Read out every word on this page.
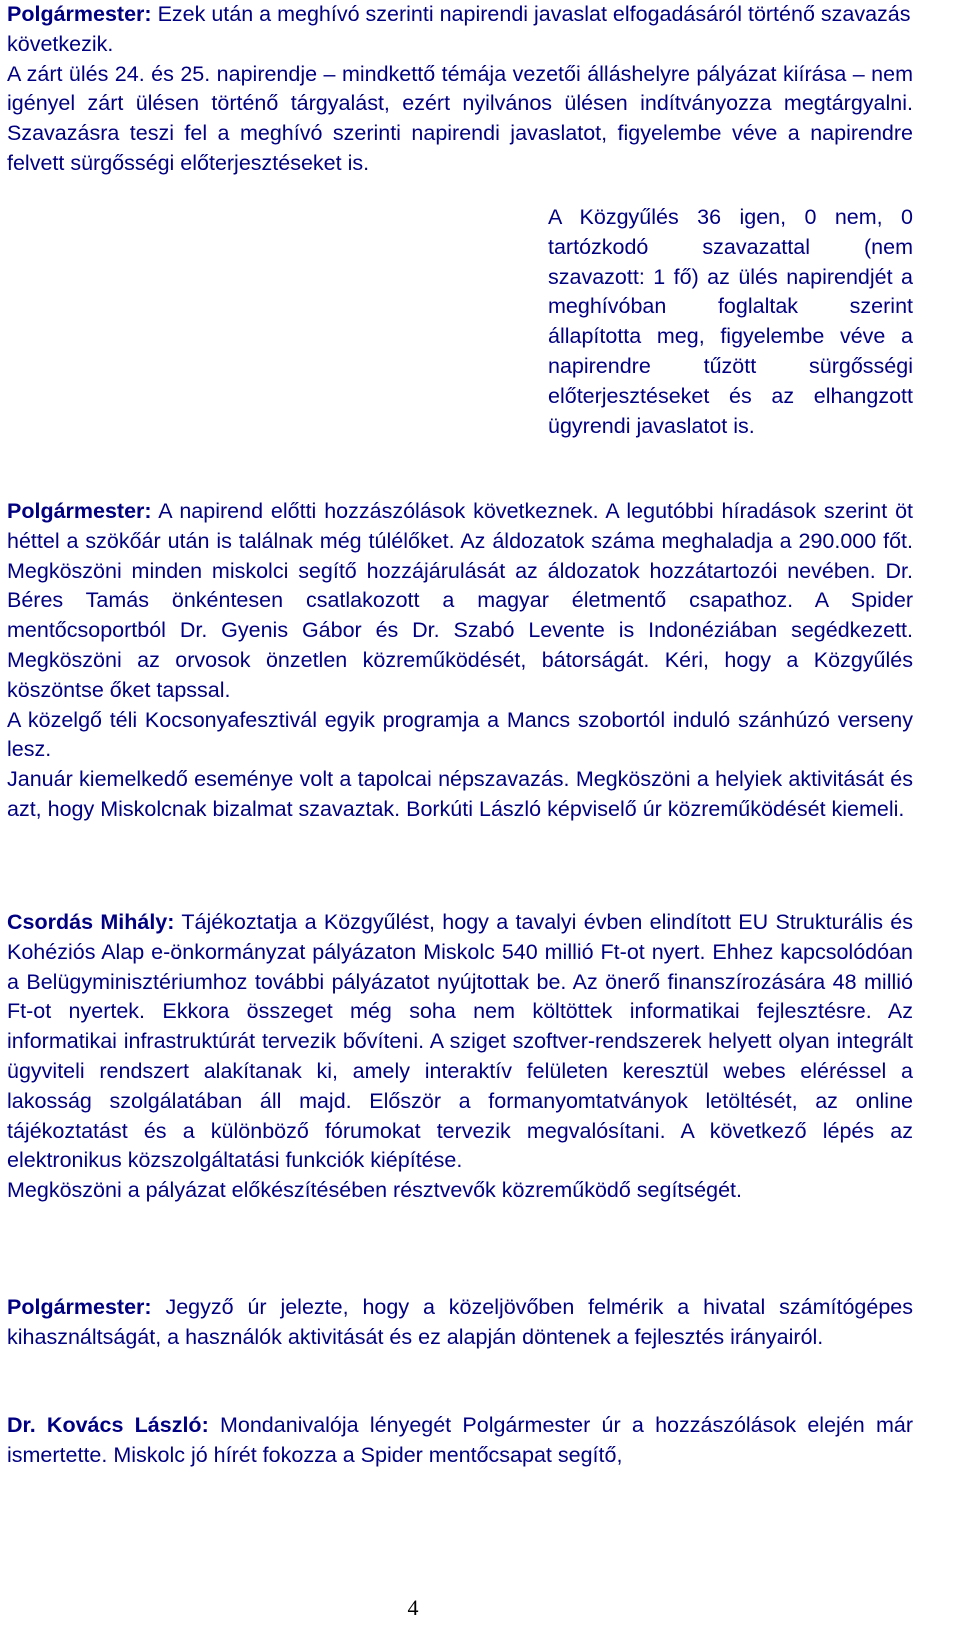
Polgármester: Ezek után a meghívó szerinti napirendi javaslat elfogadásáról történő szavazás következik.

A zárt ülés 24. és 25. napirendje – mindkettő témája vezetői álláshelyre pályázat kiírása – nem igényel zárt ülésen történő tárgyalást, ezért nyilvános ülésen indítványozza megtárgyalni. Szavazásra teszi fel a meghívó szerinti napirendi javaslatot, figyelembe véve a napirendre felvett sürgősségi előterjesztéseket is.

A Közgyűlés 36 igen, 0 nem, 0 tartózkodó szavazattal (nem szavazott: 1 fő) az ülés napirendjét a meghívóban foglaltak szerint állapította meg, figyelembe véve a napirendre tűzött sürgősségi előterjesztéseket és az elhangzott ügyrendi javaslatot is.

Polgármester: A napirend előtti hozzászólások következnek. A legutóbbi híradások szerint öt héttel a szökőár után is találnak még túlélőket. Az áldozatok száma meghaladja a 290.000 főt. Megköszöni minden miskolci segítő hozzájárulását az áldozatok hozzátartozói nevében. Dr. Béres Tamás önkéntesen csatlakozott a magyar életmentő csapathoz. A Spider mentőcsoportból Dr. Gyenis Gábor és Dr. Szabó Levente is Indonéziában segédkezett. Megköszöni az orvosok önzetlen közreműködését, bátorságát. Kéri, hogy a Közgyűlés köszöntse őket tapssal.

A közelgő téli Kocsonyafesztivál egyik programja a Mancs szobortól induló szánhúzó verseny lesz.

Január kiemelkedő eseménye volt a tapolcai népszavazás. Megköszöni a helyiek aktivitását és azt, hogy Miskolcnak bizalmat szavaztak. Borkúti László képviselő úr közreműködését kiemeli.

Csordás Mihály: Tájékoztatja a Közgyűlést, hogy a tavalyi évben elindított EU Strukturális és Kohéziós Alap e-önkormányzat pályázaton Miskolc 540 millió Ft-ot nyert. Ehhez kapcsolódóan a Belügyminisztériumhoz további pályázatot nyújtottak be. Az önerő finanszírozására 48 millió Ft-ot nyertek. Ekkora összeget még soha nem költöttek informatikai fejlesztésre. Az informatikai infrastruktúrát tervezik bővíteni. A sziget szoftver-rendszerek helyett olyan integrált ügyviteli rendszert alakítanak ki, amely interaktív felületen keresztül webes eléréssel a lakosság szolgálatában áll majd. Először a formanyomtatványok letöltését, az online tájékoztatást és a különböző fórumokat tervezik megvalósítani. A következő lépés az elektronikus közszolgáltatási funkciók kiépítése.

Megköszöni a pályázat előkészítésében résztvevők közreműködő segítségét.

Polgármester: Jegyző úr jelezte, hogy a közeljövőben felmérik a hivatal számítógépes kihasználtságát, a használók aktivitását és ez alapján döntenek a fejlesztés irányairól.

Dr. Kovács László: Mondanivalója lényegét Polgármester úr a hozzászólások elején már ismertette. Miskolc jó hírét fokozza a Spider mentőcsapat segítő,

4
